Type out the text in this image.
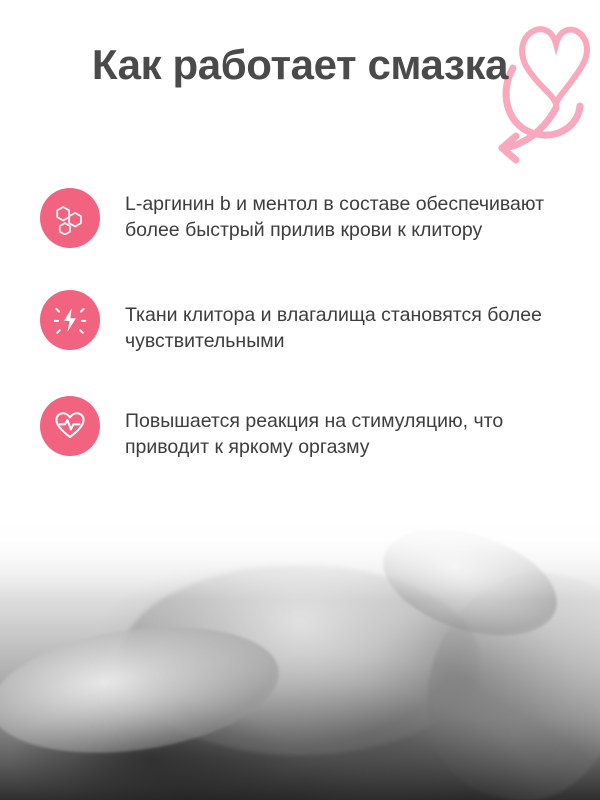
Как работает смазка
L-аргинин b и ментол в составе обеспечивают более быстрый прилив крови к клитору
Ткани клитора и влагалища становятся более чувствительными
Повышается реакция на стимуляцию, что приводит к яркому оргазму
